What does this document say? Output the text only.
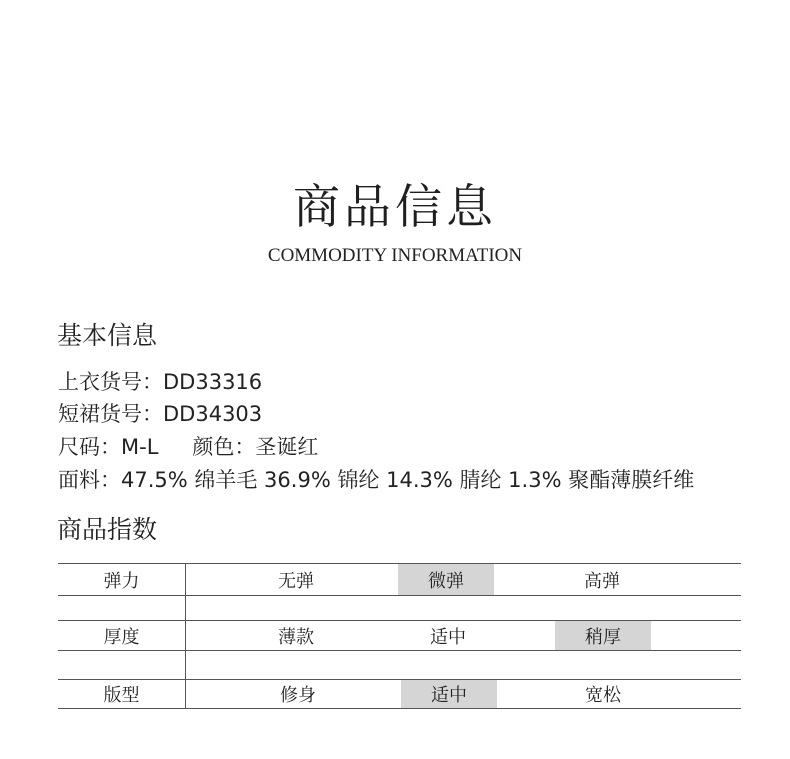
商品信息
COMMODITY INFORMATION
基本信息
上衣货号：DD33316
短裙货号：DD34303
尺码：M-L 颜色：圣诞红
面料：47.5% 绵羊毛 36.9% 锦纶 14.3% 腈纶 1.3% 聚酯薄膜纤维
商品指数
弹力	无弹	微弹	高弹
厚度	薄款	适中	稍厚
版型	修身	适中	宽松
